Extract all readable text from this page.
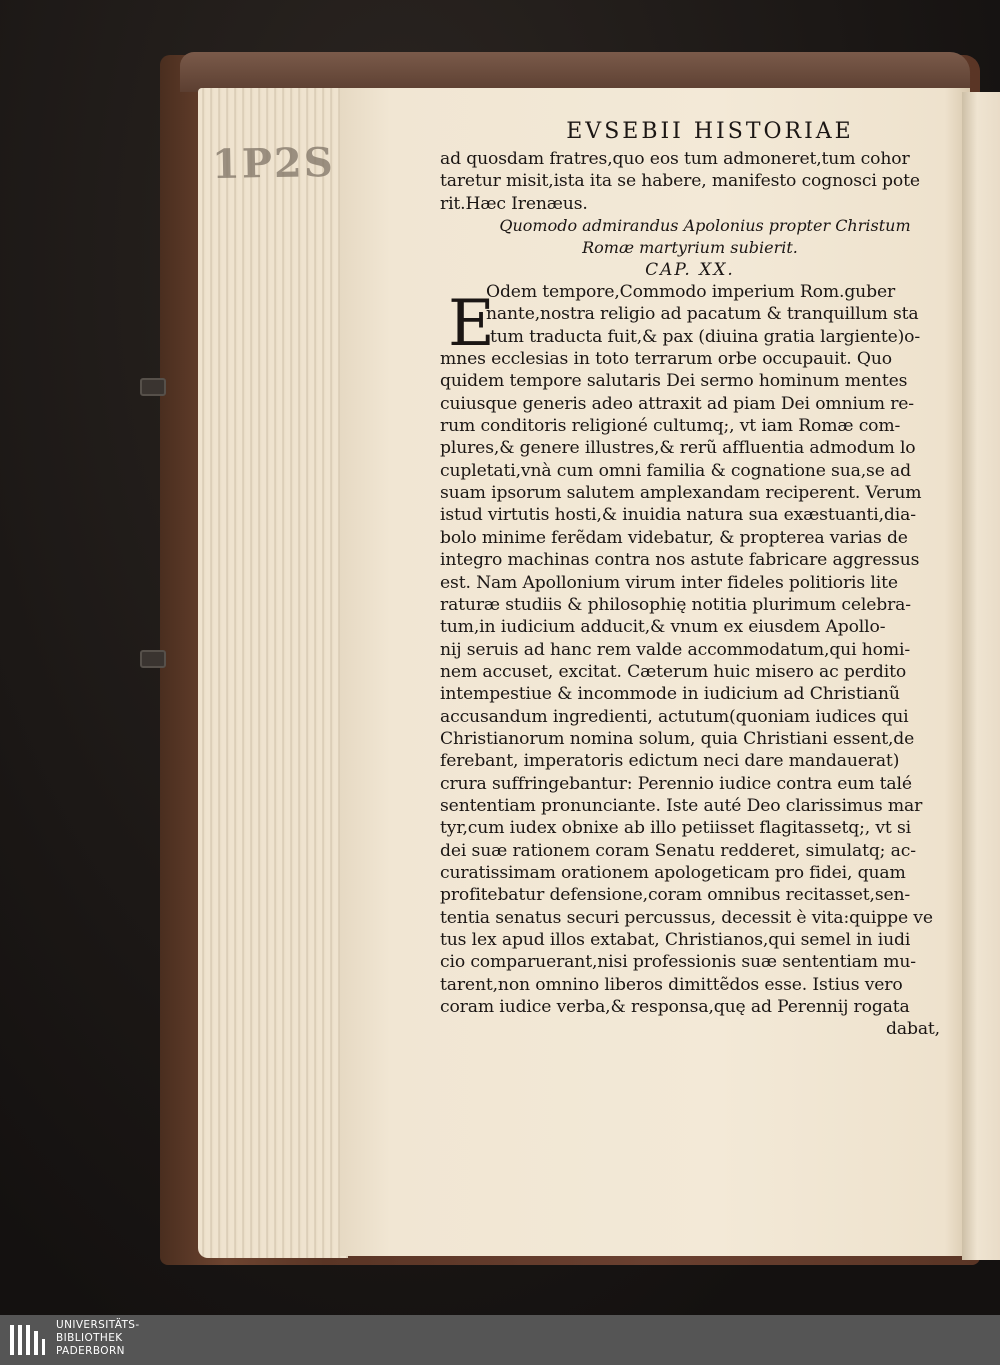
1P2S
EVSEBII HISTORIAE
ad quosdam fratres,quo eos tum admoneret,tum cohor
taretur misit,ista ita se habere, manifesto cognosci pote
rit.Hæc Irenæus.
Quomodo admirandus Apolonius propter Christum
Romæ martyrium subierit.
CAP. XX.
E
Odem tempore,Commodo imperium Rom.guber
nante,nostra religio ad pacatum & tranquillum sta
tum traducta fuit,& pax (diuina gratia largiente)o-
mnes ecclesias in toto terrarum orbe occupauit. Quo
quidem tempore salutaris Dei sermo hominum mentes
cuiusque generis adeo attraxit ad piam Dei omnium re-
rum conditoris religioné cultumq;, vt iam Romæ com-
plures,& genere illustres,& rerũ affluentia admodum lo
cupletati,vnà cum omni familia & cognatione sua,se ad
suam ipsorum salutem amplexandam reciperent. Verum
istud virtutis hosti,& inuidia natura sua exæstuanti,dia-
bolo minime ferẽdam videbatur, & propterea varias de
integro machinas contra nos astute fabricare aggressus
est. Nam Apollonium virum inter fideles politioris lite
raturæ studiis & philosophię notitia plurimum celebra-
tum,in iudicium adducit,& vnum ex eiusdem Apollo-
nij seruis ad hanc rem valde accommodatum,qui homi-
nem accuset, excitat. Cæterum huic misero ac perdito
intempestiue & incommode in iudicium ad Christianũ
accusandum ingredienti, actutum(quoniam iudices qui
Christianorum nomina solum, quia Christiani essent,de
ferebant, imperatoris edictum neci dare mandauerat)
crura suffringebantur: Perennio iudice contra eum talé
sententiam pronunciante. Iste auté Deo clarissimus mar
tyr,cum iudex obnixe ab illo petiisset flagitassetq;, vt si
dei suæ rationem coram Senatu redderet, simulatq; ac-
curatissimam orationem apologeticam pro fidei, quam
profitebatur defensione,coram omnibus recitasset,sen-
tentia senatus securi percussus, decessit è vita:quippe ve
tus lex apud illos extabat, Christianos,qui semel in iudi
cio comparuerant,nisi professionis suæ sententiam mu-
tarent,non omnino liberos dimittẽdos esse. Istius vero
coram iudice verba,& responsa,quę ad Perennij rogata
dabat,
UNIVERSITÄTS-
BIBLIOTHEK
PADERBORN
